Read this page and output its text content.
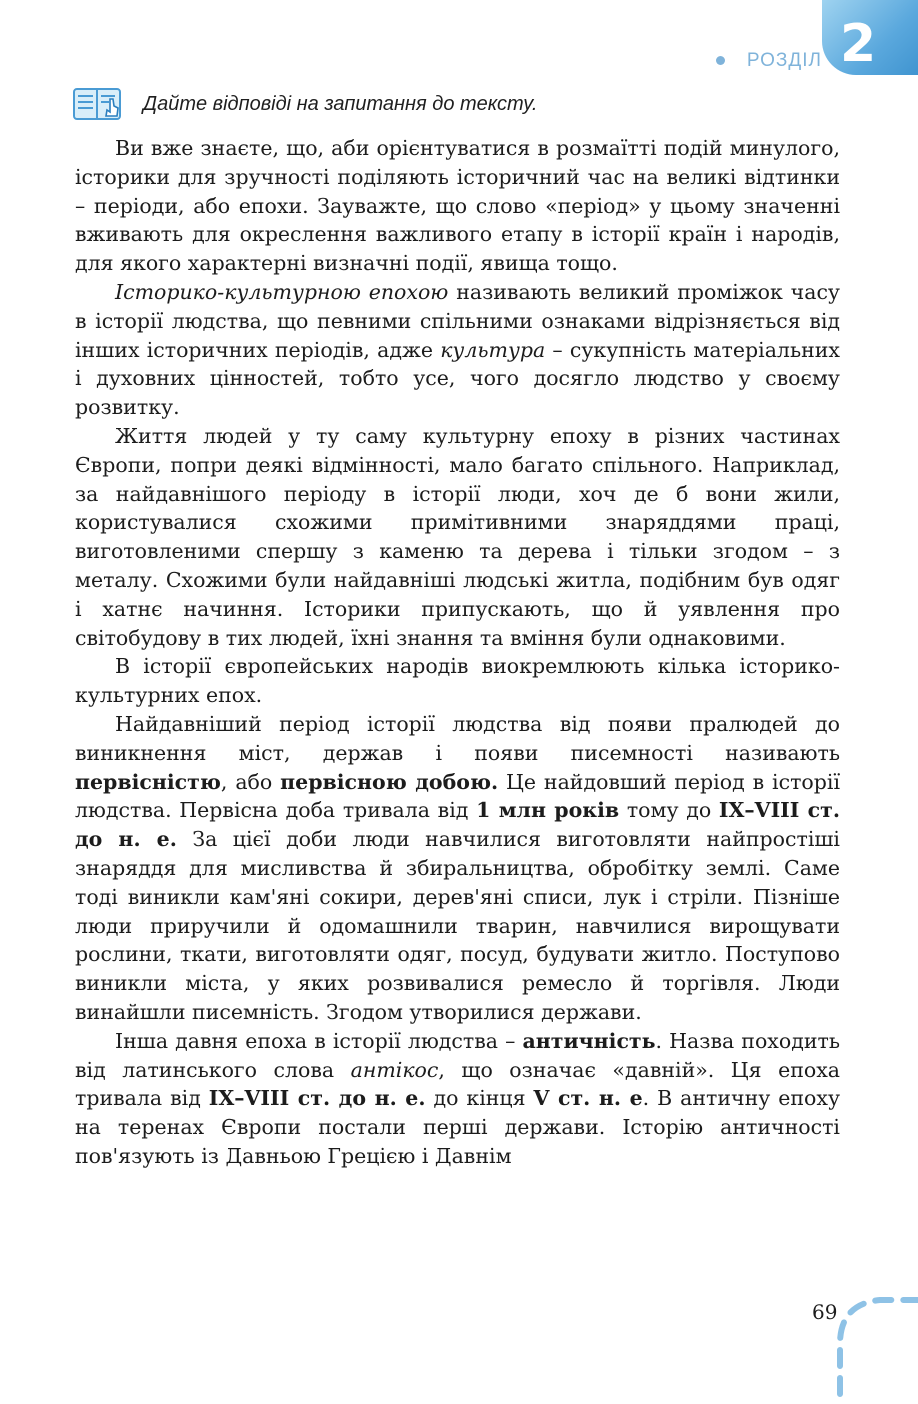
РОЗДІЛ 2
Дайте відповіді на запитання до тексту.

Ви вже знаєте, що, аби орієнтуватися в розмаїтті подій минулого, історики для зручності поділяють історичний час на великі відтинки – періоди, або епохи. Зауважте, що слово «період» у цьому значенні вживають для окреслення важливого етапу в історії країн і народів, для якого характерні визначні події, явища тощо.

Історико-культурною епохою називають великий проміжок часу в історії людства, що певними спільними ознаками відрізняється від інших історичних періодів, адже культура – сукупність матеріальних і духовних цінностей, тобто усе, чого досягло людство у своєму розвитку.

Життя людей у ту саму культурну епоху в різних частинах Європи, попри деякі відмінності, мало багато спільного. Наприклад, за найдавнішого періоду в історії люди, хоч де б вони жили, користувалися схожими примітивними знаряддями праці, виготовленими спершу з каменю та дерева і тільки згодом – з металу. Схожими були найдавніші людські житла, подібним був одяг і хатнє начиння. Історики припускають, що й уявлення про світобудову в тих людей, їхні знання та вміння були однаковими.

В історії європейських народів виокремлюють кілька історико-культурних епох.

Найдавніший період історії людства від появи пралюдей до виникнення міст, держав і появи писемності називають первісністю, або первісною добою. Це найдовший період в історії людства. Первісна доба тривала від 1 млн років тому до IX–VIII ст. до н. е. За цієї доби люди навчилися виготовляти найпростіші знаряддя для мисливства й збиральництва, обробітку землі. Саме тоді виникли кам'яні сокири, дерев'яні списи, лук і стріли. Пізніше люди приручили й одомашнили тварин, навчилися вирощувати рослини, ткати, виготовляти одяг, посуд, будувати житло. Поступово виникли міста, у яких розвивалися ремесло й торгівля. Люди винайшли писемність. Згодом утворилися держави.

Інша давня епоха в історії людства – античність. Назва походить від латинського слова антікос, що означає «давній». Ця епоха тривала від IX–VIII ст. до н. е. до кінця V ст. н. е. В античну епоху на теренах Європи постали перші держави. Історію античності пов'язують із Давньою Грецією і Давнім

69
